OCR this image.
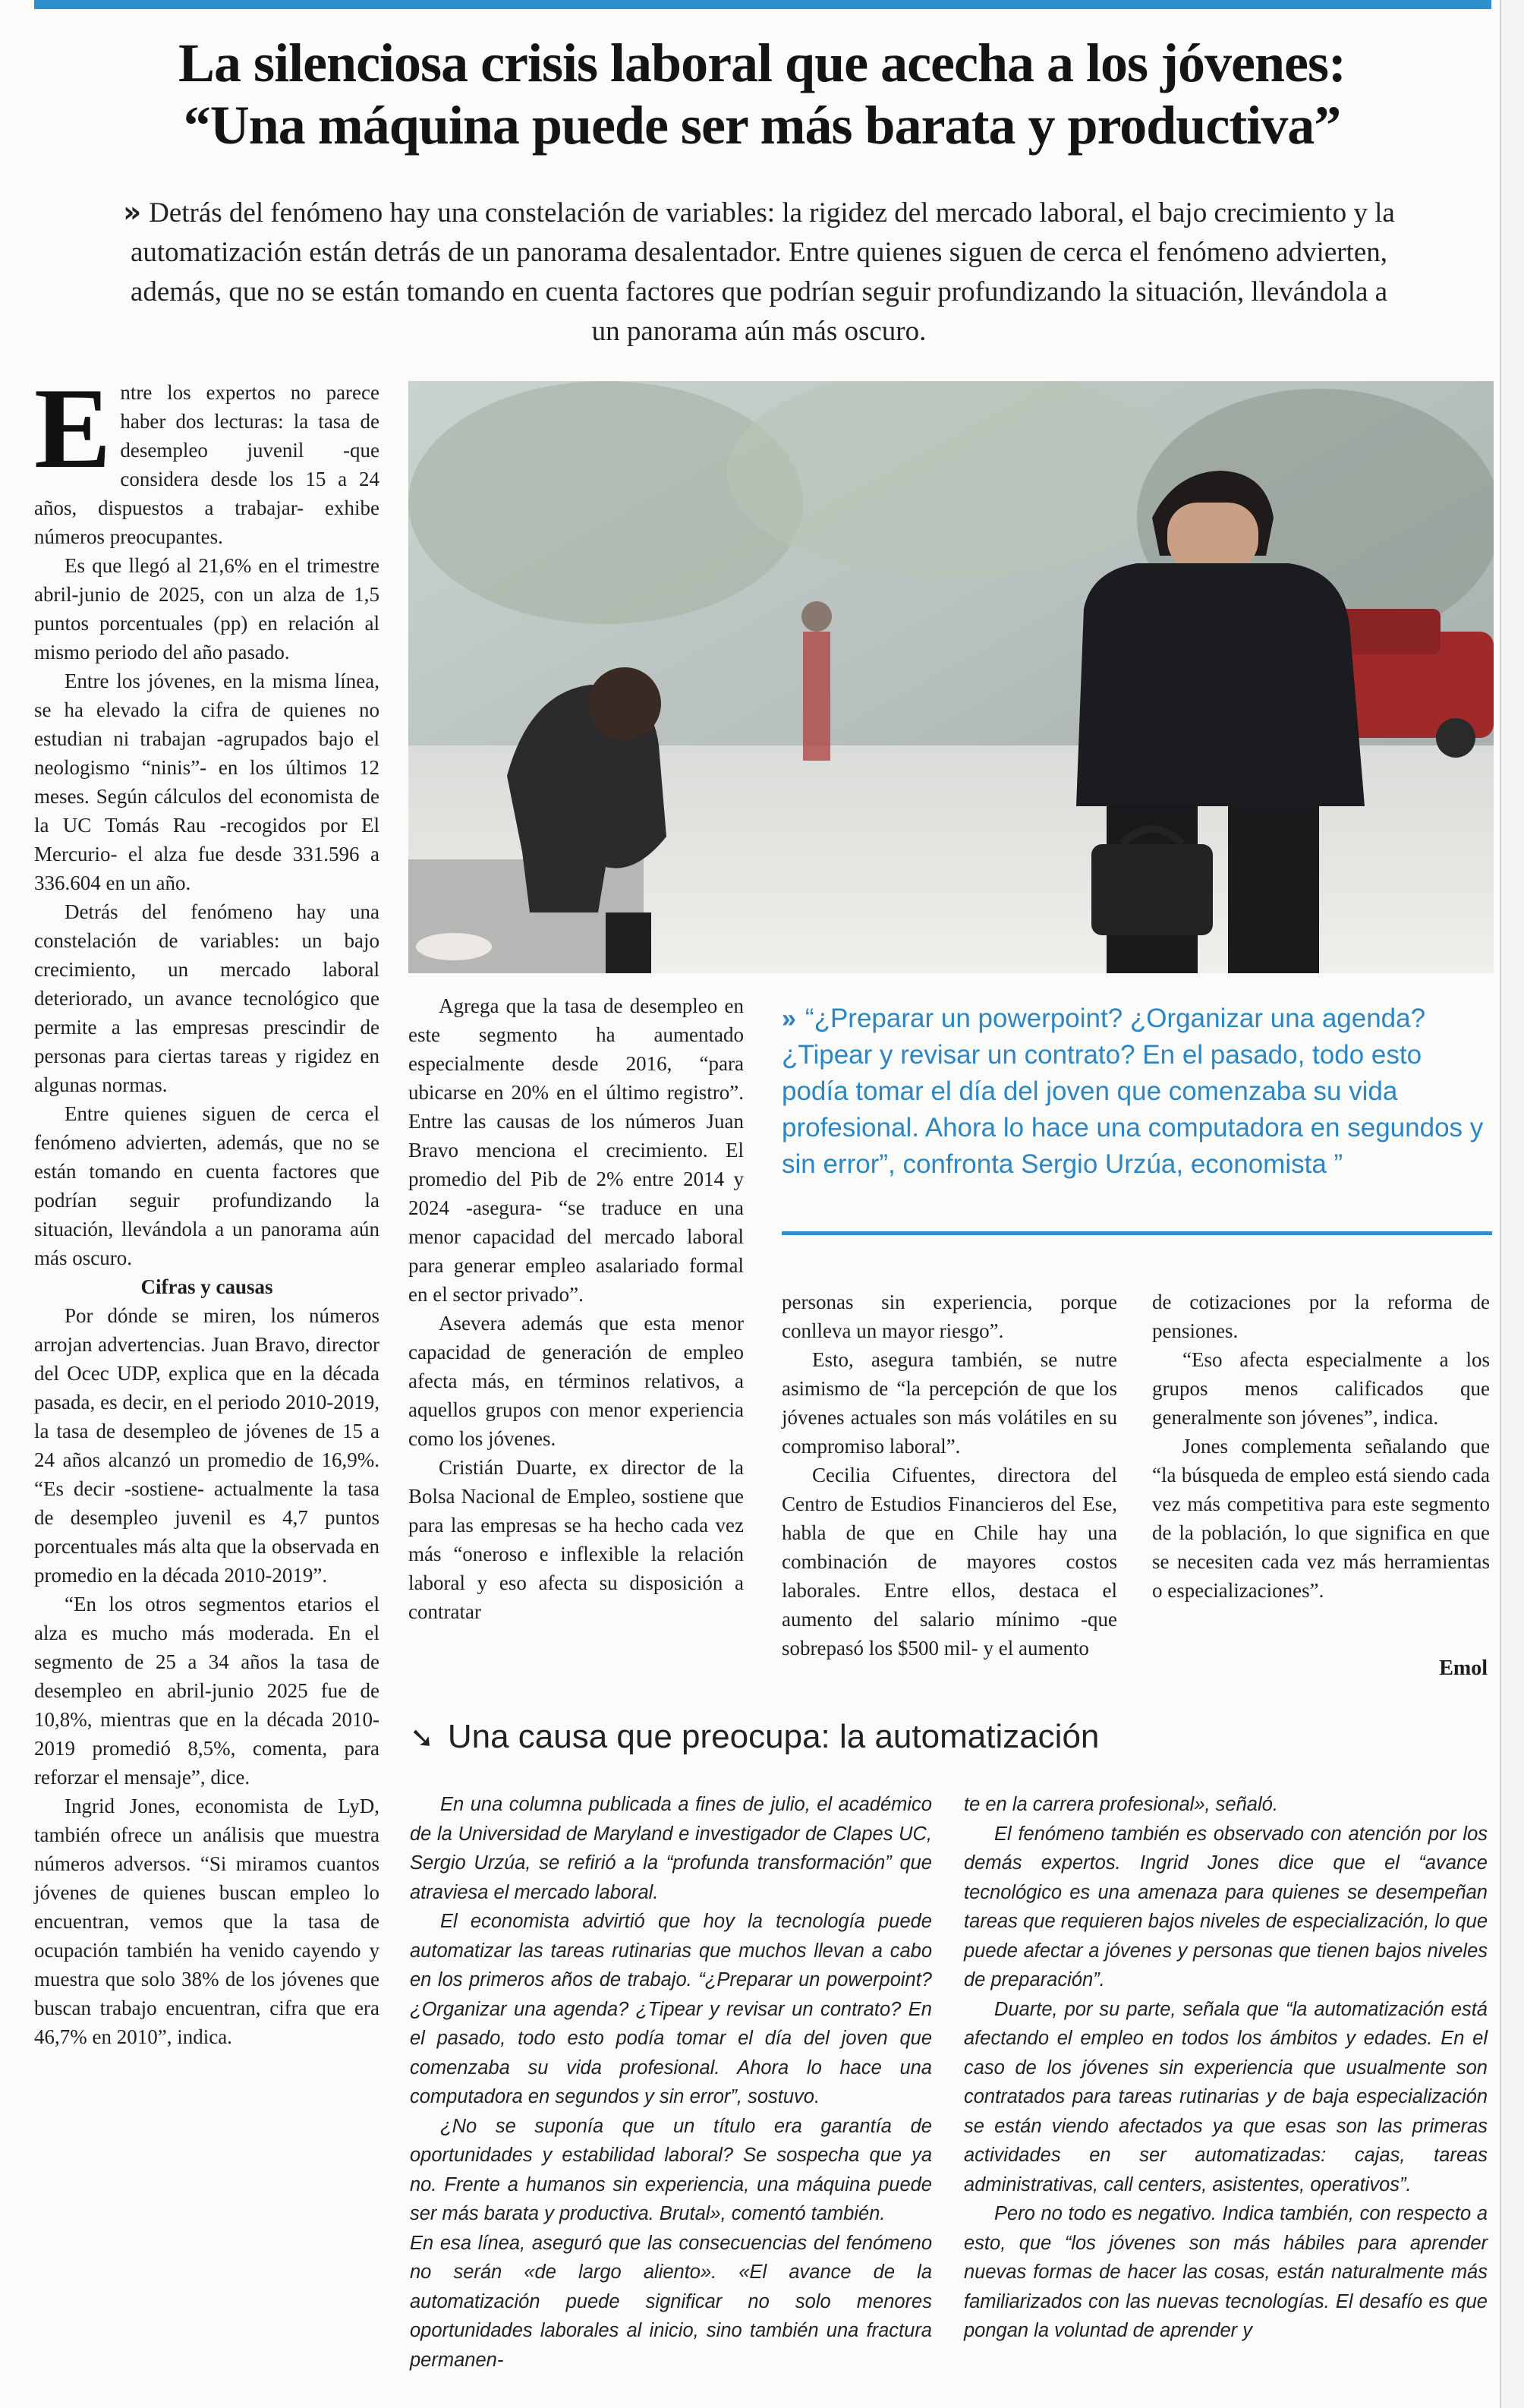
La silenciosa crisis laboral que acecha a los jóvenes:
“Una máquina puede ser más barata y productiva”
» Detrás del fenómeno hay una constelación de variables: la rigidez del mercado laboral, el bajo crecimiento y la automatización están detrás de un panorama desalentador. Entre quienes siguen de cerca el fenómeno advierten, además, que no se están tomando en cuenta factores que podrían seguir profundizando la situación, llevándola a un panorama aún más oscuro.

Entre los expertos no parece haber dos lecturas: la tasa de desempleo juvenil -que considera desde los 15 a 24 años, dispuestos a trabajar- exhibe números preocupantes.

Es que llegó al 21,6% en el trimestre abril-junio de 2025, con un alza de 1,5 puntos porcentuales (pp) en relación al mismo periodo del año pasado.

Entre los jóvenes, en la misma línea, se ha elevado la cifra de quienes no estudian ni trabajan -agrupados bajo el neologismo “ninis”- en los últimos 12 meses. Según cálculos del economista de la UC Tomás Rau -recogidos por El Mercurio- el alza fue desde 331.596 a 336.604 en un año.

Detrás del fenómeno hay una constelación de variables: un bajo crecimiento, un mercado laboral deteriorado, un avance tecnológico que permite a las empresas prescindir de personas para ciertas tareas y rigidez en algunas normas.

Entre quienes siguen de cerca el fenómeno advierten, además, que no se están tomando en cuenta factores que podrían seguir profundizando la situación, llevándola a un panorama aún más oscuro.

Cifras y causas

Por dónde se miren, los números arrojan advertencias. Juan Bravo, director del Ocec UDP, explica que en la década pasada, es decir, en el periodo 2010-2019, la tasa de desempleo de jóvenes de 15 a 24 años alcanzó un promedio de 16,9%. “Es decir -sostiene- actualmente la tasa de desempleo juvenil es 4,7 puntos porcentuales más alta que la observada en promedio en la década 2010-2019”.

“En los otros segmentos etarios el alza es mucho más moderada. En el segmento de 25 a 34 años la tasa de desempleo en abril-junio 2025 fue de 10,8%, mientras que en la década 2010-2019 promedió 8,5%, comenta, para reforzar el mensaje”, dice.

Ingrid Jones, economista de LyD, también ofrece un análisis que muestra números adversos. “Si miramos cuantos jóvenes de quienes buscan empleo lo encuentran, vemos que la tasa de ocupación también ha venido cayendo y muestra que solo 38% de los jóvenes que buscan trabajo encuentran, cifra que era 46,7% en 2010”, indica.

» “¿Preparar un powerpoint? ¿Organizar una agenda? ¿Tipear y revisar un contrato? En el pasado, todo esto podía tomar el día del joven que comenzaba su vida profesional. Ahora lo hace una computadora en segundos y sin error”, confronta Sergio Urzúa, economista ”

Agrega que la tasa de desempleo en este segmento ha aumentado especialmente desde 2016, “para ubicarse en 20% en el último registro”. Entre las causas de los números Juan Bravo menciona el crecimiento. El promedio del Pib de 2% entre 2014 y 2024 -asegura- “se traduce en una menor capacidad del mercado laboral para generar empleo asalariado formal en el sector privado”.

Asevera además que esta menor capacidad de generación de empleo afecta más, en términos relativos, a aquellos grupos con menor experiencia como los jóvenes.

Cristián Duarte, ex director de la Bolsa Nacional de Empleo, sostiene que para las empresas se ha hecho cada vez más “oneroso e inflexible la relación laboral y eso afecta su disposición a contratar

personas sin experiencia, porque conlleva un mayor riesgo”.

Esto, asegura también, se nutre asimismo de “la percepción de que los jóvenes actuales son más volátiles en su compromiso laboral”.

Cecilia Cifuentes, directora del Centro de Estudios Financieros del Ese, habla de que en Chile hay una combinación de mayores costos laborales. Entre ellos, destaca el aumento del salario mínimo -que sobrepasó los $500 mil- y el aumento

de cotizaciones por la reforma de pensiones.

“Eso afecta especialmente a los grupos menos calificados que generalmente son jóvenes”, indica.

Jones complementa señalando que “la búsqueda de empleo está siendo cada vez más competitiva para este segmento de la población, lo que significa en que se necesiten cada vez más herramientas o especializaciones”.

Emol
➘ Una causa que preocupa: la automatización

En una columna publicada a fines de julio, el académico de la Universidad de Maryland e investigador de Clapes UC, Sergio Urzúa, se refirió a la “profunda transformación” que atraviesa el mercado laboral.

El economista advirtió que hoy la tecnología puede automatizar las tareas rutinarias que muchos llevan a cabo en los primeros años de trabajo. “¿Preparar un powerpoint? ¿Organizar una agenda? ¿Tipear y revisar un contrato? En el pasado, todo esto podía tomar el día del joven que comenzaba su vida profesional. Ahora lo hace una computadora en segundos y sin error”, sostuvo.

¿No se suponía que un título era garantía de oportunidades y estabilidad laboral? Se sospecha que ya no. Frente a humanos sin experiencia, una máquina puede ser más barata y productiva. Brutal», comentó también.

En esa línea, aseguró que las consecuencias del fenómeno no serán «de largo aliento». «El avance de la automatización puede significar no solo menores oportunidades laborales al inicio, sino también una fractura permanen-

te en la carrera profesional», señaló.

El fenómeno también es observado con atención por los demás expertos. Ingrid Jones dice que el “avance tecnológico es una amenaza para quienes se desempeñan tareas que requieren bajos niveles de especialización, lo que puede afectar a jóvenes y personas que tienen bajos niveles de preparación”.

Duarte, por su parte, señala que “la automatización está afectando el empleo en todos los ámbitos y edades. En el caso de los jóvenes sin experiencia que usualmente son contratados para tareas rutinarias y de baja especialización se están viendo afectados ya que esas son las primeras actividades en ser automatizadas: cajas, tareas administrativas, call centers, asistentes, operativos”.

Pero no todo es negativo. Indica también, con respecto a esto, que “los jóvenes son más hábiles para aprender nuevas formas de hacer las cosas, están naturalmente más familiarizados con las nuevas tecnologías. El desafío es que pongan la voluntad de aprender y
